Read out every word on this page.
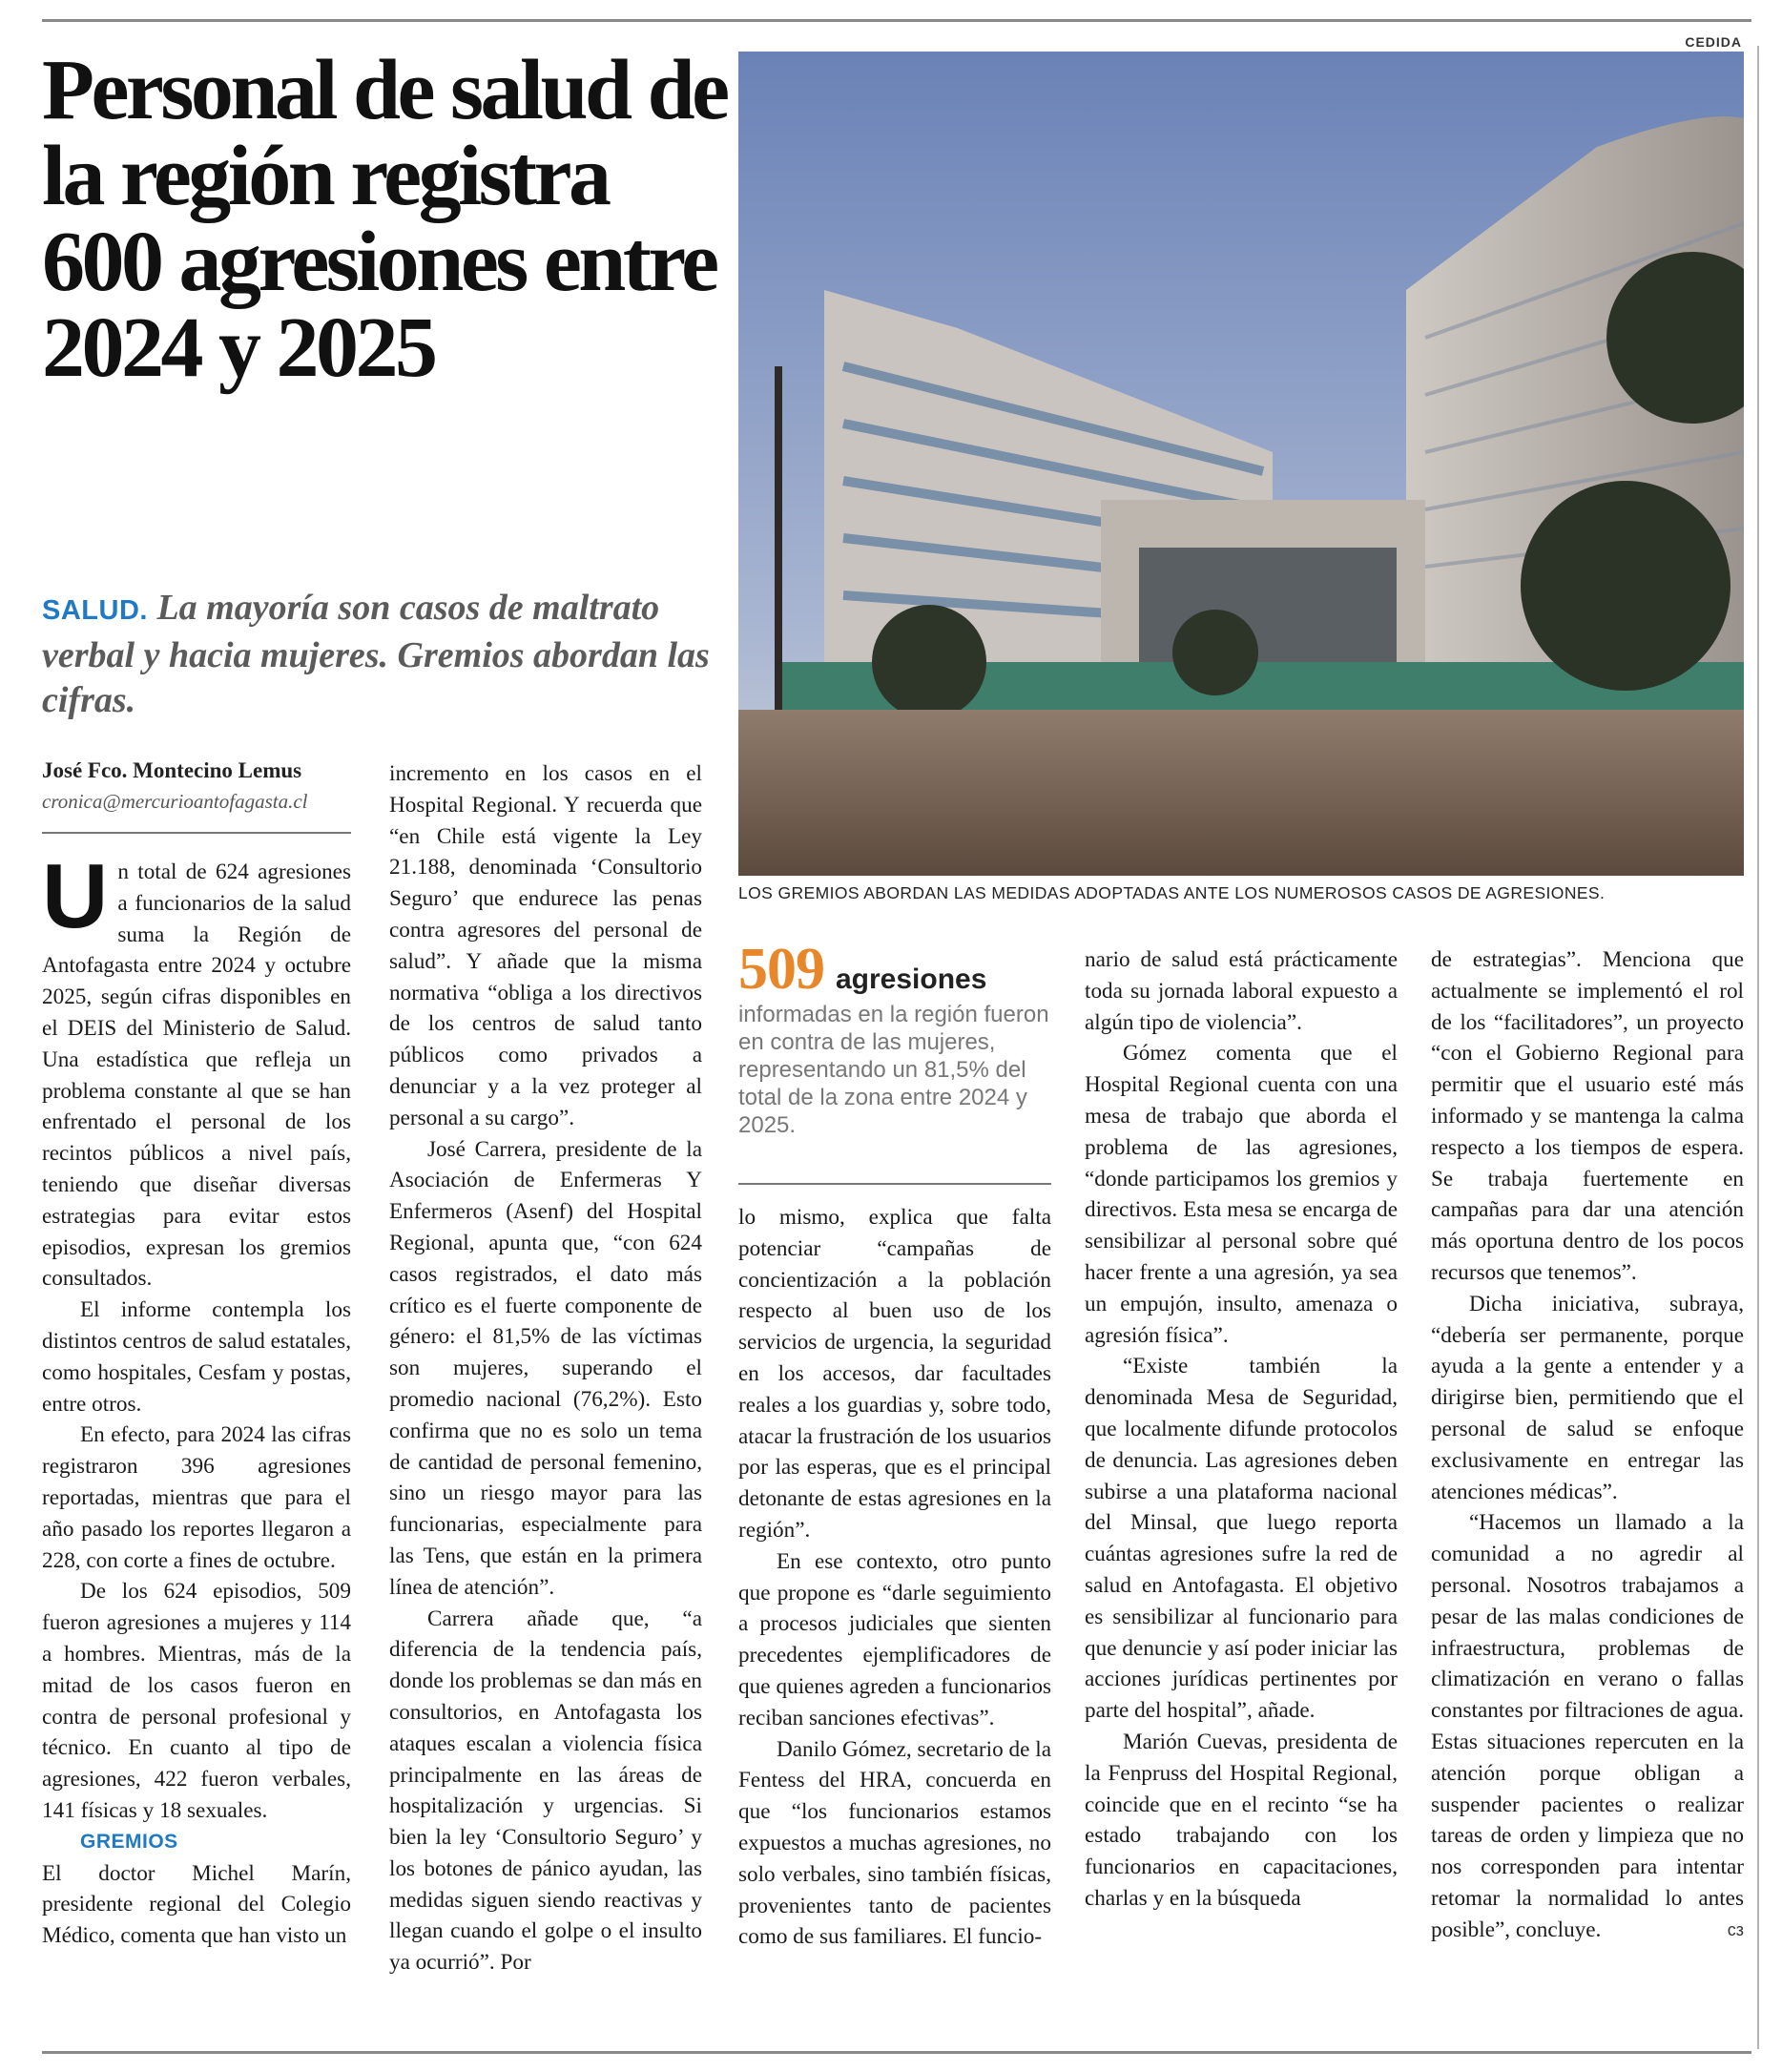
CEDIDA
Personal de salud de la región registra 600 agresiones entre 2024 y 2025
SALUD. La mayoría son casos de maltrato verbal y hacia mujeres. Gremios abordan las cifras.
José Fco. Montecino Lemus
cronica@mercurioantofagasta.cl
LOS GREMIOS ABORDAN LAS MEDIDAS ADOPTADAS ANTE LOS NUMEROSOS CASOS DE AGRESIONES.
509 agresiones
informadas en la región fueron en contra de las mujeres, representando un 81,5% del total de la zona entre 2024 y 2025.

Un total de 624 agresiones a funcionarios de la salud suma la Región de Antofagasta entre 2024 y octubre 2025, según cifras disponibles en el DEIS del Ministerio de Salud. Una estadística que refleja un problema constante al que se han enfrentado el personal de los recintos públicos a nivel país, teniendo que diseñar diversas estrategias para evitar estos episodios, expresan los gremios consultados.

El informe contempla los distintos centros de salud estatales, como hospitales, Cesfam y postas, entre otros.

En efecto, para 2024 las cifras registraron 396 agresiones reportadas, mientras que para el año pasado los reportes llegaron a 228, con corte a fines de octubre.

De los 624 episodios, 509 fueron agresiones a mujeres y 114 a hombres. Mientras, más de la mitad de los casos fueron en contra de personal profesional y técnico. En cuanto al tipo de agresiones, 422 fueron verbales, 141 físicas y 18 sexuales.

GREMIOS

El doctor Michel Marín, presidente regional del Colegio Médico, comenta que han visto un

incremento en los casos en el Hospital Regional. Y recuerda que “en Chile está vigente la Ley 21.188, denominada ‘Consultorio Seguro’ que endurece las penas contra agresores del personal de salud”. Y añade que la misma normativa “obliga a los directivos de los centros de salud tanto públicos como privados a denunciar y a la vez proteger al personal a su cargo”.

José Carrera, presidente de la Asociación de Enfermeras Y Enfermeros (Asenf) del Hospital Regional, apunta que, “con 624 casos registrados, el dato más crítico es el fuerte componente de género: el 81,5% de las víctimas son mujeres, superando el promedio nacional (76,2%). Esto confirma que no es solo un tema de cantidad de personal femenino, sino un riesgo mayor para las funcionarias, especialmente para las Tens, que están en la primera línea de atención”.

Carrera añade que, “a diferencia de la tendencia país, donde los problemas se dan más en consultorios, en Antofagasta los ataques escalan a violencia física principalmente en las áreas de hospitalización y urgencias. Si bien la ley ‘Consultorio Seguro’ y los botones de pánico ayudan, las medidas siguen siendo reactivas y llegan cuando el golpe o el insulto ya ocurrió”. Por

lo mismo, explica que falta potenciar “campañas de concientización a la población respecto al buen uso de los servicios de urgencia, la seguridad en los accesos, dar facultades reales a los guardias y, sobre todo, atacar la frustración de los usuarios por las esperas, que es el principal detonante de estas agresiones en la región”.

En ese contexto, otro punto que propone es “darle seguimiento a procesos judiciales que sienten precedentes ejemplificadores de que quienes agreden a funcionarios reciban sanciones efectivas”.

Danilo Gómez, secretario de la Fentess del HRA, concuerda en que “los funcionarios estamos expuestos a muchas agresiones, no solo verbales, sino también físicas, provenientes tanto de pacientes como de sus familiares. El funcio-

nario de salud está prácticamente toda su jornada laboral expuesto a algún tipo de violencia”.

Gómez comenta que el Hospital Regional cuenta con una mesa de trabajo que aborda el problema de las agresiones, “donde participamos los gremios y directivos. Esta mesa se encarga de sensibilizar al personal sobre qué hacer frente a una agresión, ya sea un empujón, insulto, amenaza o agresión física”.

“Existe también la denominada Mesa de Seguridad, que localmente difunde protocolos de denuncia. Las agresiones deben subirse a una plataforma nacional del Minsal, que luego reporta cuántas agresiones sufre la red de salud en Antofagasta. El objetivo es sensibilizar al funcionario para que denuncie y así poder iniciar las acciones jurídicas pertinentes por parte del hospital”, añade.

Marión Cuevas, presidenta de la Fenpruss del Hospital Regional, coincide que en el recinto “se ha estado trabajando con los funcionarios en capacitaciones, charlas y en la búsqueda

de estrategias”. Menciona que actualmente se implementó el rol de los “facilitadores”, un proyecto “con el Gobierno Regional para permitir que el usuario esté más informado y se mantenga la calma respecto a los tiempos de espera. Se trabaja fuertemente en campañas para dar una atención más oportuna dentro de los pocos recursos que tenemos”.

Dicha iniciativa, subraya, “debería ser permanente, porque ayuda a la gente a entender y a dirigirse bien, permitiendo que el personal de salud se enfoque exclusivamente en entregar las atenciones médicas”.

“Hacemos un llamado a la comunidad a no agredir al personal. Nosotros trabajamos a pesar de las malas condiciones de infraestructura, problemas de climatización en verano o fallas constantes por filtraciones de agua. Estas situaciones repercuten en la atención porque obligan a suspender pacientes o realizar tareas de orden y limpieza que no nos corresponden para intentar retomar la normalidad lo antes posible”, concluye.	cз
